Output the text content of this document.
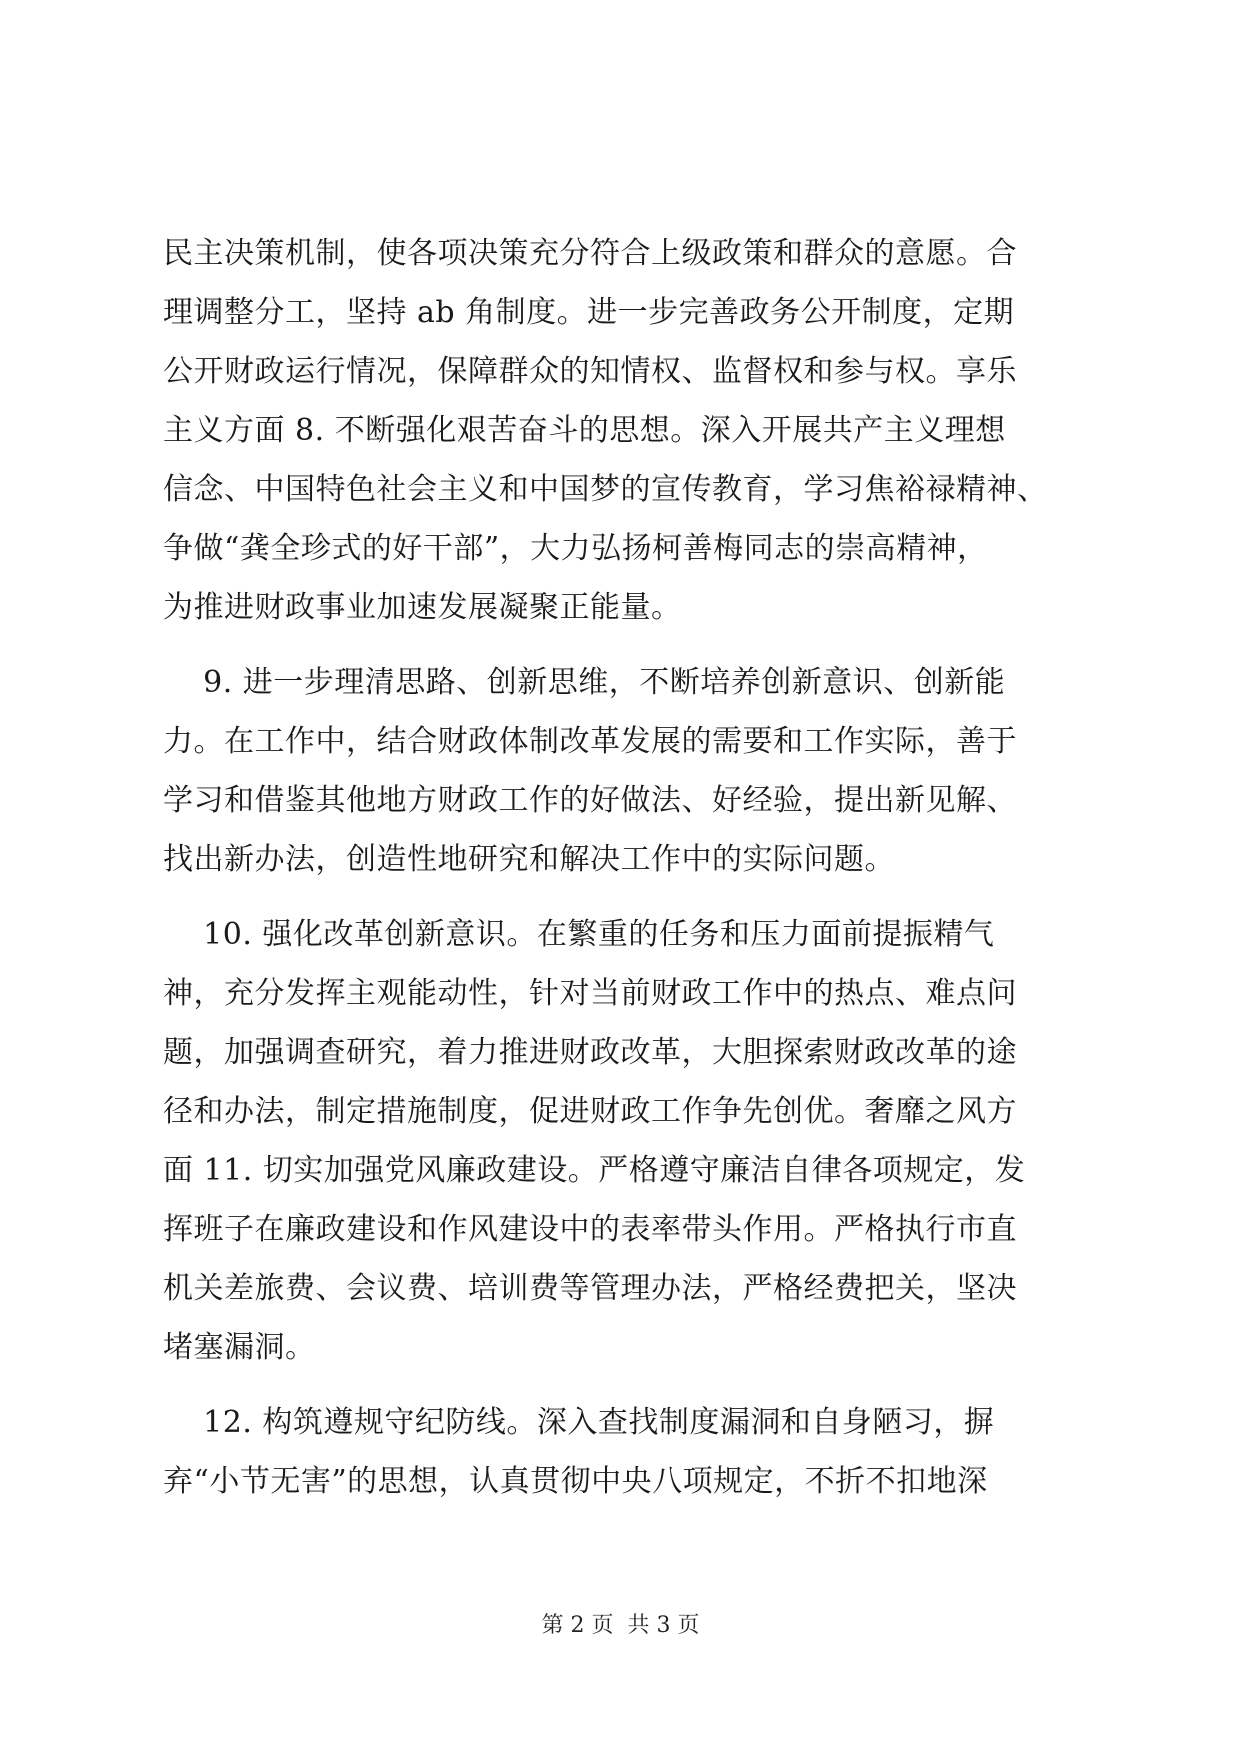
民主决策机制，使各项决策充分符合上级政策和群众的意愿。合
理调整分工，坚持 ab 角制度。进一步完善政务公开制度，定期
公开财政运行情况，保障群众的知情权、监督权和参与权。享乐
主义方面 8. 不断强化艰苦奋斗的思想。深入开展共产主义理想
信念、中国特色社会主义和中国梦的宣传教育，学习焦裕禄精神、
争做“龚全珍式的好干部”，大力弘扬柯善梅同志的崇高精神，
为推进财政事业加速发展凝聚正能量。
9. 进一步理清思路、创新思维，不断培养创新意识、创新能
力。在工作中，结合财政体制改革发展的需要和工作实际，善于
学习和借鉴其他地方财政工作的好做法、好经验，提出新见解、
找出新办法，创造性地研究和解决工作中的实际问题。
10. 强化改革创新意识。在繁重的任务和压力面前提振精气
神，充分发挥主观能动性，针对当前财政工作中的热点、难点问
题，加强调查研究，着力推进财政改革，大胆探索财政改革的途
径和办法，制定措施制度，促进财政工作争先创优。奢靡之风方
面 11. 切实加强党风廉政建设。严格遵守廉洁自律各项规定，发
挥班子在廉政建设和作风建设中的表率带头作用。严格执行市直
机关差旅费、会议费、培训费等管理办法，严格经费把关，坚决
堵塞漏洞。
12. 构筑遵规守纪防线。深入查找制度漏洞和自身陋习，摒
弃“小节无害”的思想，认真贯彻中央八项规定，不折不扣地深
第 2 页  共 3 页
